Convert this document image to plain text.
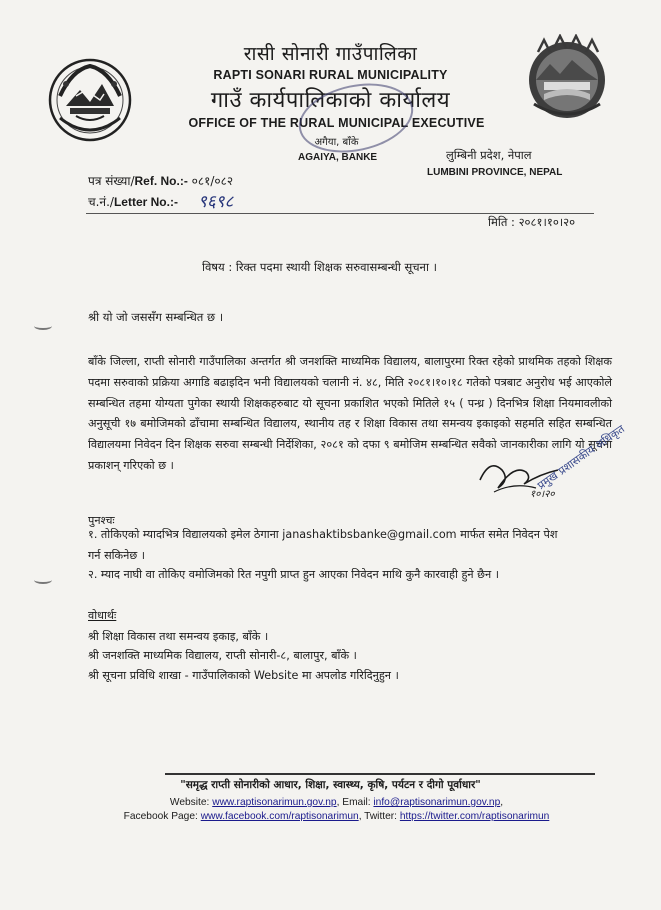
रासी सोनारी गाउँपालिका
RAPTI SONARI RURAL MUNICIPALITY
गाउँ कार्यपालिकाको कार्यालय
OFFICE OF THE RURAL MUNICIPAL EXECUTIVE
अगैया, बाँके
AGAIYA, BANKE	लुम्बिनी प्रदेश, नेपाल
LUMBINI PROVINCE, NEPAL
पत्र संख्या/Ref. No.:- ०८१/०८२
च.नं./Letter No.:- ९६९८
मिति : २०८१।१०।२०
विषय : रिक्त पदमा स्थायी शिक्षक सरुवासम्बन्धी सूचना ।
श्री यो जो जससँग सम्बन्धित छ ।
बाँके जिल्ला, राप्ती सोनारी गाउँपालिका अन्तर्गत श्री जनशक्ति माध्यमिक विद्यालय, बालापुरमा रिक्त रहेको प्राथमिक तहको शिक्षक पदमा सरुवाको प्रक्रिया अगाडि बढाइदिन भनी विद्यालयको चलानी नं. ४८, मिति २०८१।१०।१८ गतेको पत्रबाट अनुरोध भई आएकोले सम्बन्धित तहमा योग्यता पुगेका स्थायी शिक्षकहरुबाट यो सूचना प्रकाशित भएको मितिले १५ ( पन्ध्र ) दिनभित्र शिक्षा नियमावलीको अनुसूची १७ बमोजिमको ढाँचामा सम्बन्धित विद्यालय, स्थानीय तह र शिक्षा विकास तथा समन्वय इकाइको सहमति सहित सम्बन्धित विद्यालयमा निवेदन दिन शिक्षक सरुवा सम्बन्धी निर्देशिका, २०८१ को दफा ९ बमोजिम सम्बन्धित सवैको जानकारीका लागि यो सूचना प्रकाशन् गरिएको छ ।
१०।२०
प्रमुख प्रशासकीय अधिकृत
पुनश्चः
१. तोकिएको म्यादभित्र विद्यालयको इमेल ठेगाना janashaktibsbanke@gmail.com मार्फत समेत निवेदन पेश
गर्न सकिनेछ ।
२. म्याद नाघी वा तोकिए वमोजिमको रित नपुगी प्राप्त हुन आएका निवेदन माथि कुनै कारवाही हुने छैन ।
वोधार्थः
श्री शिक्षा विकास तथा समन्वय इकाइ, बाँके ।
श्री जनशक्ति माध्यमिक विद्यालय, राप्ती सोनारी-८, बालापुर, बाँके ।
श्री सूचना प्रविधि शाखा - गाउँपालिकाको Website मा अपलोड गरिदिनुहुन ।
"समृद्ध राप्ती सोनारीको आधार, शिक्षा, स्वास्थ्य, कृषि, पर्यटन र दीगो पूर्वाधार"
Website: www.raptisonarimun.gov.np, Email: info@raptisonarimun.gov.np,
Facebook Page: www.facebook.com/raptisonarimun, Twitter: https://twitter.com/raptisonarimun
